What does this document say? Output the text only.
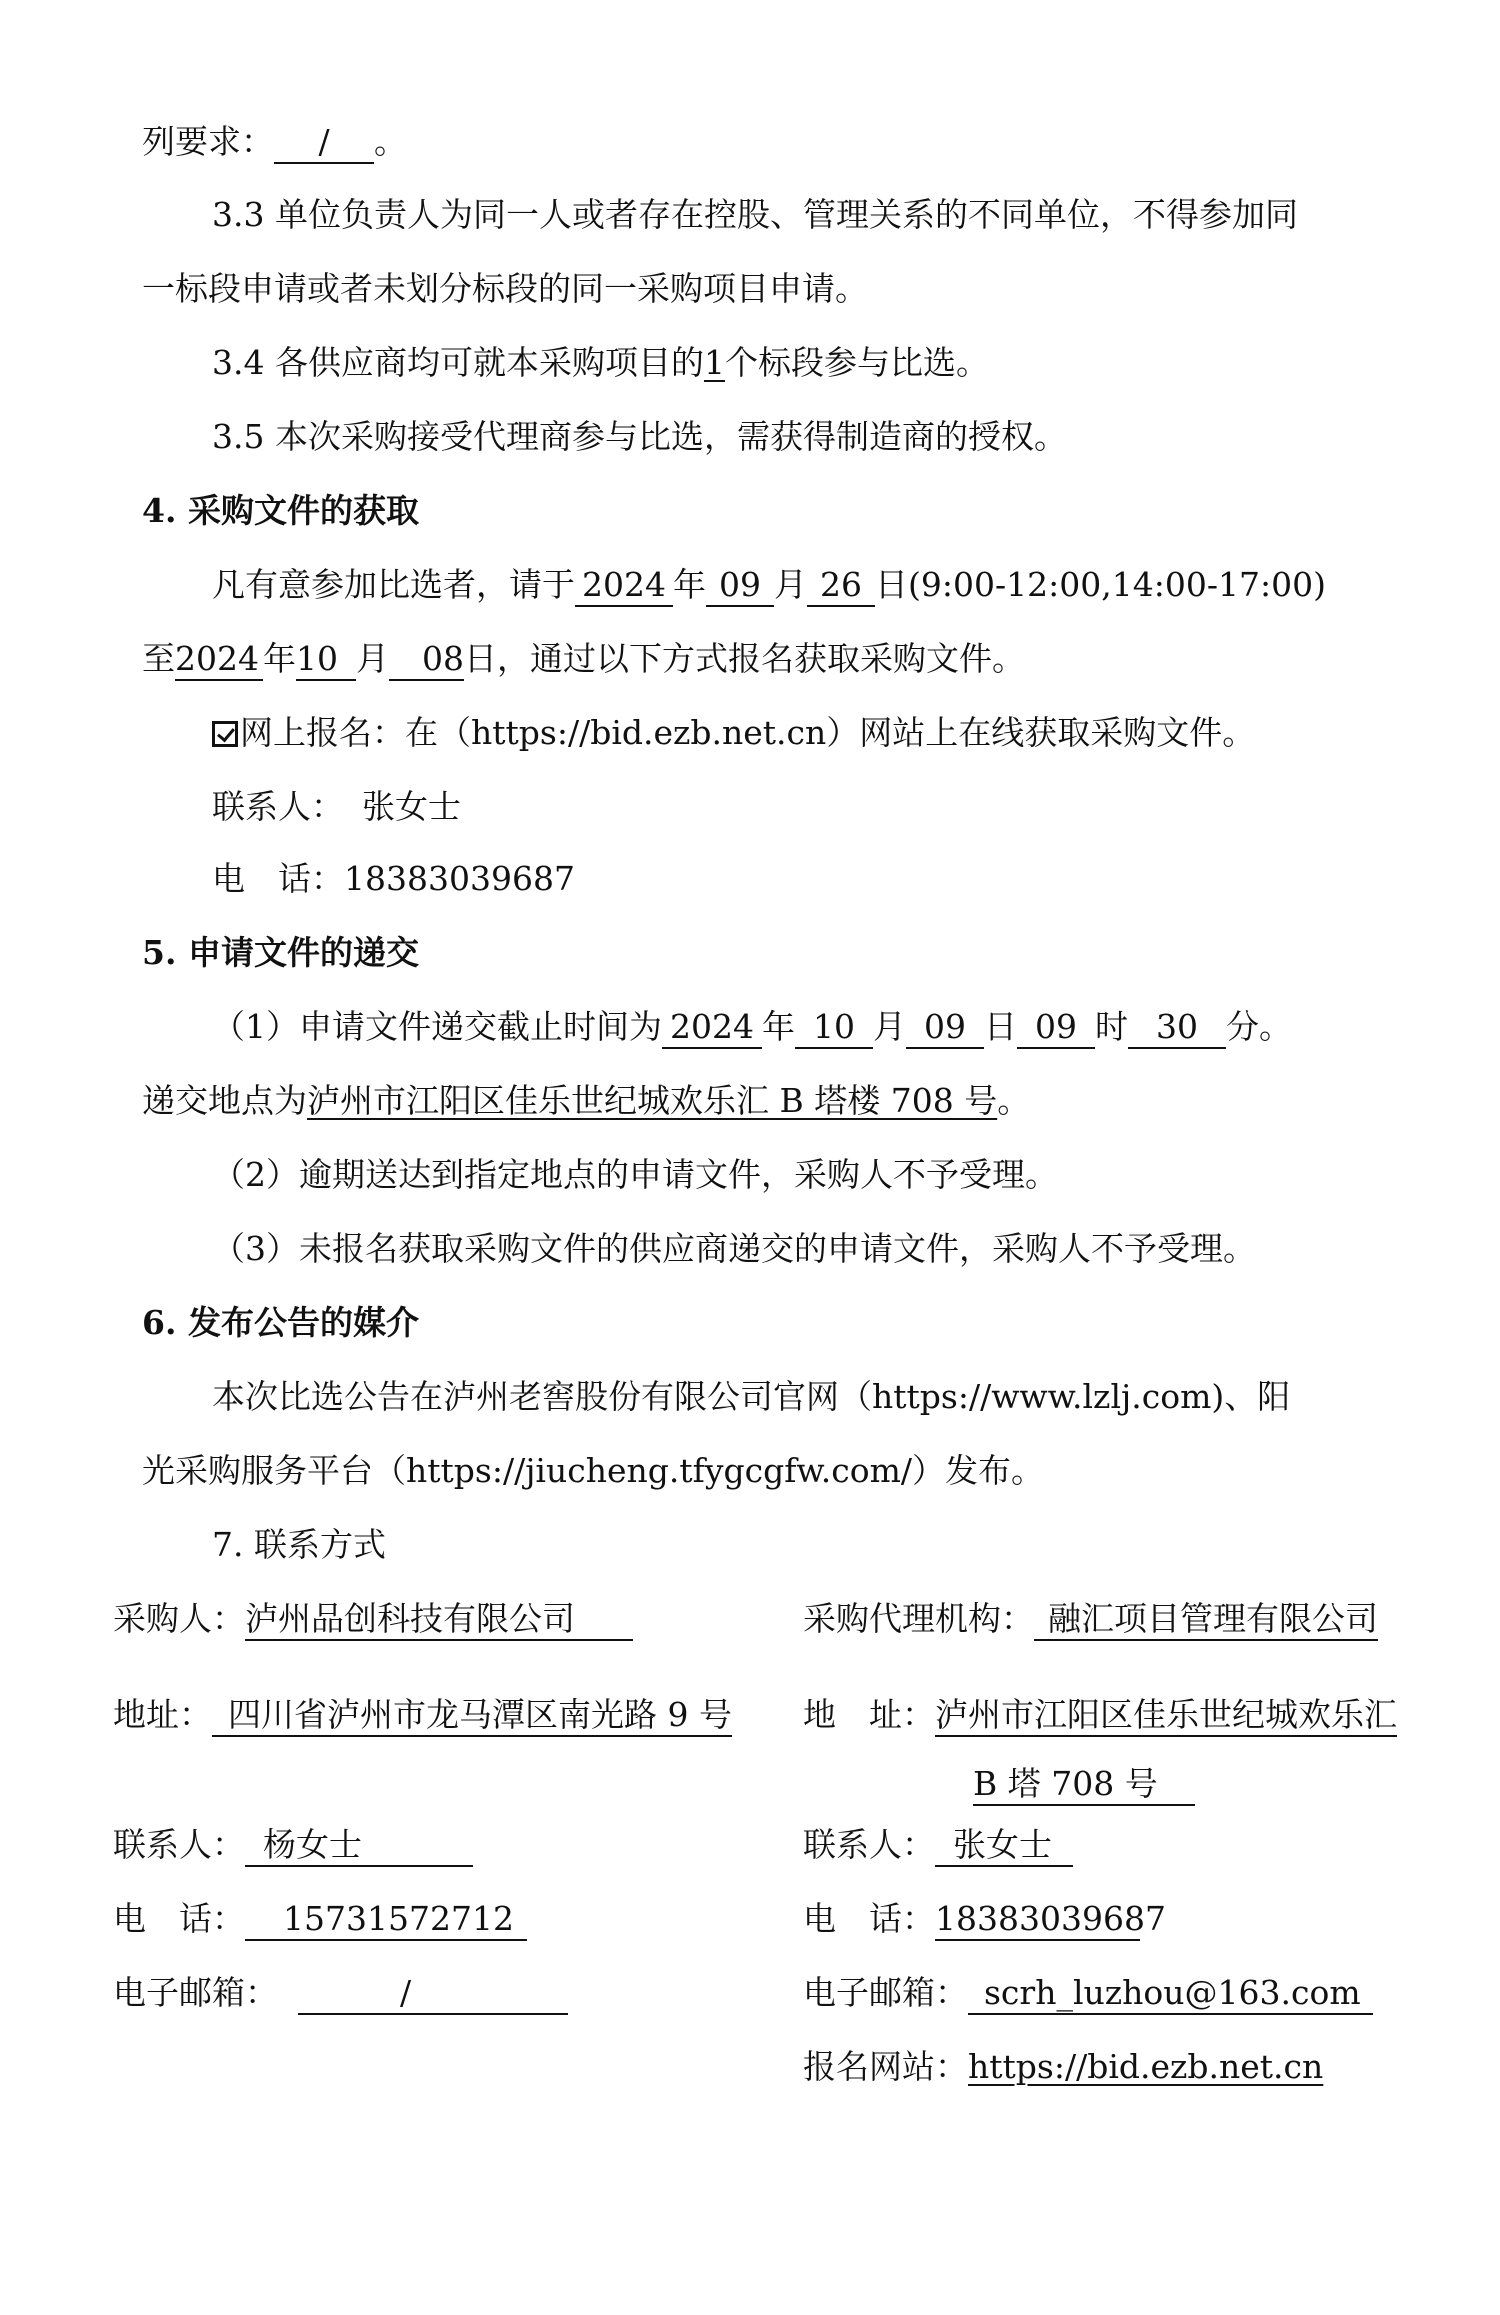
列要求： / 。
3.3 单位负责人为同一人或者存在控股、管理关系的不同单位，不得参加同
一标段申请或者未划分标段的同一采购项目申请。
3.4 各供应商均可就本采购项目的1个标段参与比选。
3.5 本次采购接受代理商参与比选，需获得制造商的授权。
4. 采购文件的获取
凡有意参加比选者，请于 2024 年 09 月 26 日(9:00-12:00,14:00-17:00)
至2024 年10 月 08日，通过以下方式报名获取采购文件。
网上报名：在（https://bid.ezb.net.cn）网站上在线获取采购文件。
联系人： 张女士
电　话：18383039687
5. 申请文件的递交
（1）申请文件递交截止时间为 2024 年 10 月 09 日 09 时 30 分。
递交地点为泸州市江阳区佳乐世纪城欢乐汇 B 塔楼 708 号。
（2）逾期送达到指定地点的申请文件，采购人不予受理。
（3）未报名获取采购文件的供应商递交的申请文件，采购人不予受理。
6. 发布公告的媒介
本次比选公告在泸州老窖股份有限公司官网（https://www.lzlj.com)、阳
光采购服务平台（https://jiucheng.tfygcgfw.com/）发布。
7. 联系方式
采购人：泸州品创科技有限公司
地址： 四川省泸州市龙马潭区南光路 9 号
联系人： 杨女士
电　话： 15731572712
电子邮箱：	/
采购代理机构： 融汇项目管理有限公司
地　址：泸州市江阳区佳乐世纪城欢乐汇
B 塔 708 号
联系人： 张女士
电　话：18383039687
电子邮箱： scrh_luzhou@163.com
报名网站：https://bid.ezb.net.cn
